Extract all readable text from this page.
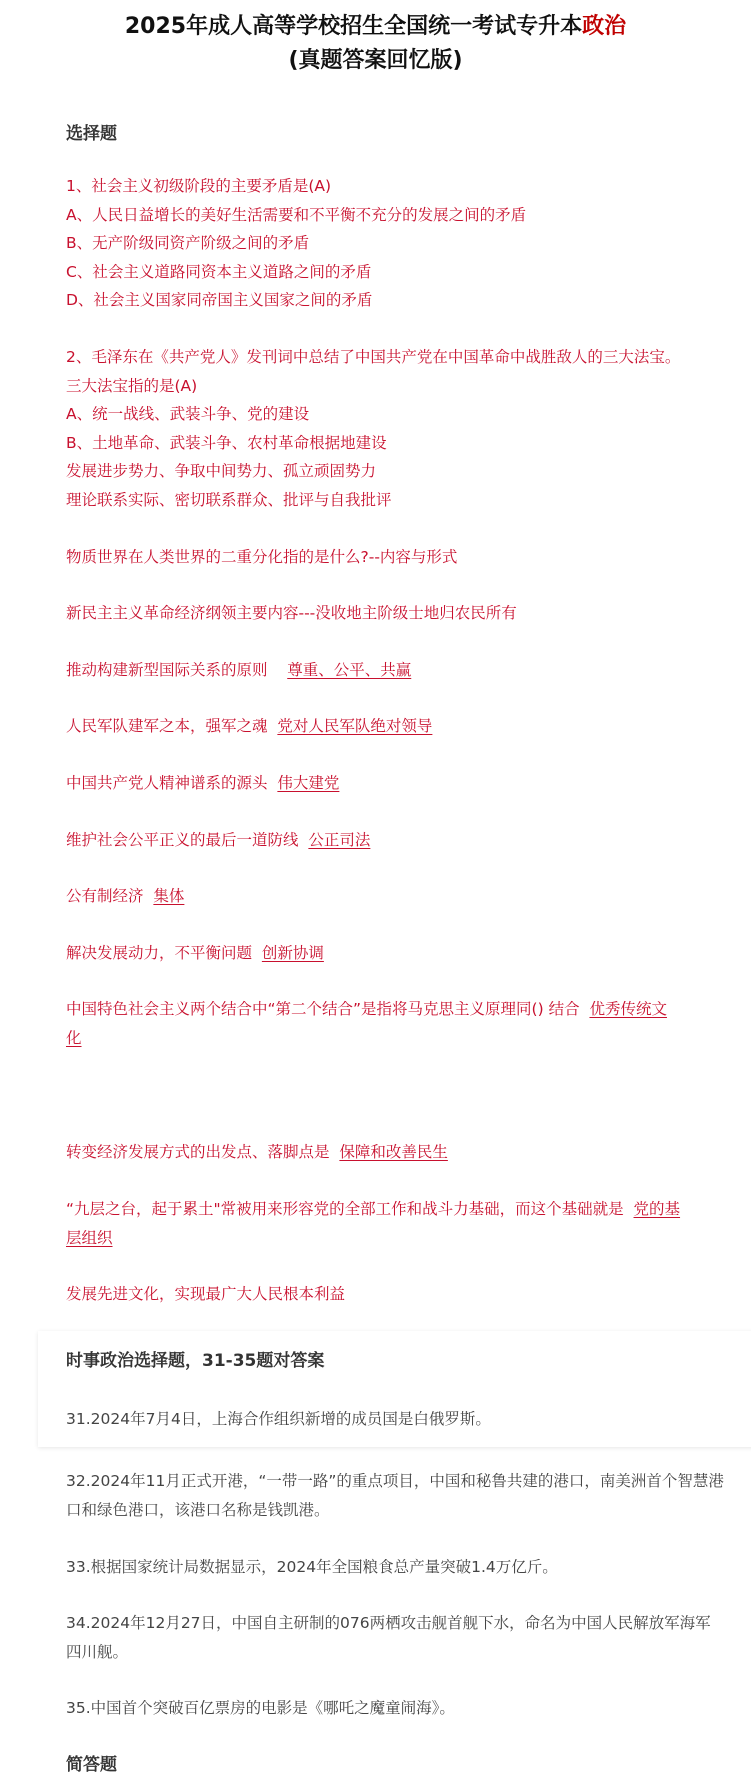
2025年成人高等学校招生全国统一考试专升本政治
(真题答案回忆版)
选择题
1、社会主义初级阶段的主要矛盾是(A)
A、人民日益增长的美好生活需要和不平衡不充分的发展之间的矛盾
B、无产阶级同资产阶级之间的矛盾
C、社会主义道路同资本主义道路之间的矛盾
D、社会主义国家同帝国主义国家之间的矛盾
2、毛泽东在《共产党人》发刊词中总结了中国共产党在中国革命中战胜敌人的三大法宝。
三大法宝指的是(A)
A、统一战线、武装斗争、党的建设
B、土地革命、武装斗争、农村革命根据地建设
发展进步势力、争取中间势力、孤立顽固势力
理论联系实际、密切联系群众、批评与自我批评
物质世界在人类世界的二重分化指的是什么?--内容与形式
新民主主义革命经济纲领主要内容---没收地主阶级士地归农民所有
推动构建新型国际关系的原则 尊重、公平、共赢
人民军队建军之本，强军之魂 党对人民军队绝对领导
中国共产党人精神谱系的源头 伟大建党
维护社会公平正义的最后一道防线 公正司法
公有制经济 集体
解决发展动力，不平衡问题 创新协调
中国特色社会主义两个结合中“第二个结合”是指将马克思主义原理同() 结合 优秀传统文
化
转变经济发展方式的出发点、落脚点是 保障和改善民生
“九层之台，起于累土"常被用来形容党的全部工作和战斗力基础，而这个基础就是 党的基
层组织
发展先进文化，实现最广大人民根本利益
时事政治选择题，31-35题对答案
31.2024年7月4日，上海合作组织新增的成员国是白俄罗斯。
32.2024年11月正式开港，“一带一路”的重点项目，中国和秘鲁共建的港口，南美洲首个智慧港口和绿色港口，该港口名称是钱凯港。
33.根据国家统计局数据显示，2024年全国粮食总产量突破1.4万亿斤。
34.2024年12月27日，中国自主研制的076两栖攻击舰首舰下水，命名为中国人民解放军海军四川舰。
35.中国首个突破百亿票房的电影是《哪吒之魔童闹海》。
简答题
